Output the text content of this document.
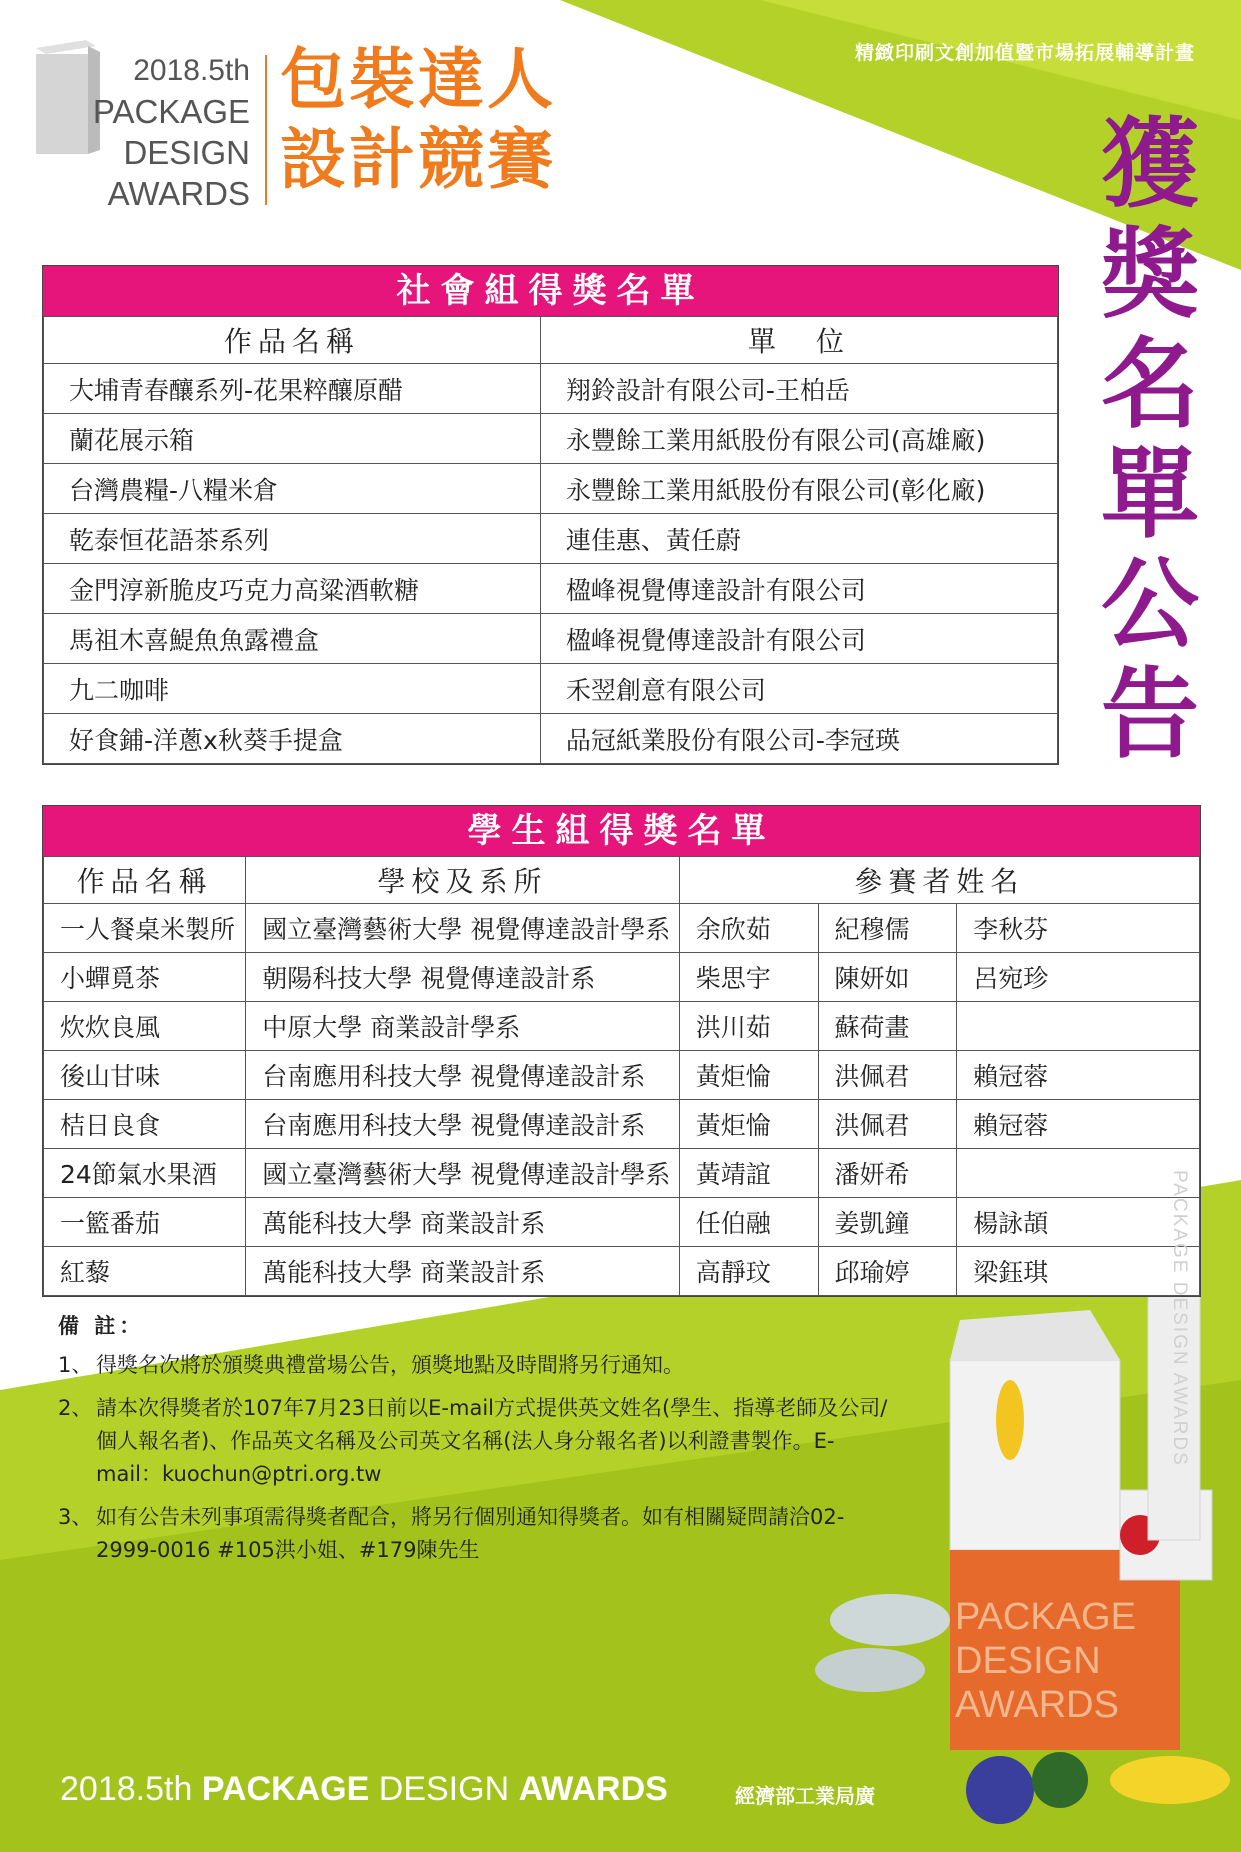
精緻印刷文創加值暨市場拓展輔導計畫
2018.5th
PACKAGE
DESIGN
AWARDS
包裝達人
設計競賽	獲獎名單公告
社會組得獎名單
作品名稱	單　位
大埔青春釀系列-花果粹釀原醋	翔鈴設計有限公司-王柏岳
蘭花展示箱	永豐餘工業用紙股份有限公司(高雄廠)
台灣農糧-八糧米倉	永豐餘工業用紙股份有限公司(彰化廠)
乾泰恒花語茶系列	連佳惠、黃任蔚
金門淳新脆皮巧克力高粱酒軟糖	楹峰視覺傳達設計有限公司
馬祖木喜鯷魚魚露禮盒	楹峰視覺傳達設計有限公司
九二咖啡	禾翌創意有限公司
好食鋪-洋蔥x秋葵手提盒	品冠紙業股份有限公司-李冠瑛
學生組得獎名單
作品名稱	學校及系所	參賽者姓名		
一人餐桌米製所	國立臺灣藝術大學 視覺傳達設計學系	余欣茹	紀穆儒	李秋芬
小蟬覓茶	朝陽科技大學 視覺傳達設計系	柴思宇	陳妍如	呂宛珍
炊炊良風	中原大學 商業設計學系	洪川茹	蘇荷畫	
後山甘味	台南應用科技大學 視覺傳達設計系	黃炬惀	洪佩君	賴冠蓉
桔日良食	台南應用科技大學 視覺傳達設計系	黃炬惀	洪佩君	賴冠蓉
24節氣水果酒	國立臺灣藝術大學 視覺傳達設計學系	黃靖誼	潘妍希	
一籃番茄	萬能科技大學 商業設計系	任伯融	姜凱鐘	楊詠頡
紅藜	萬能科技大學 商業設計系	高靜玟	邱瑜婷	梁鈺琪
備 註：
1、 得獎名次將於頒獎典禮當場公告，頒獎地點及時間將另行通知。
2、 請本次得獎者於107年7月23日前以E-mail方式提供英文姓名(學生、指導老師及公司/個人報名者)、作品英文名稱及公司英文名稱(法人身分報名者)以利證書製作。E-mail：kuochun@ptri.org.tw
3、 如有公告未列事項需得獎者配合，將另行個別通知得獎者。如有相關疑問請洽02-2999-0016 #105洪小姐、#179陳先生
PACKAGE
DESIGN
AWARDS
PACKAGE DESIGN AWARDS
2018.5th PACKAGE DESIGN AWARDS	經濟部工業局廣
